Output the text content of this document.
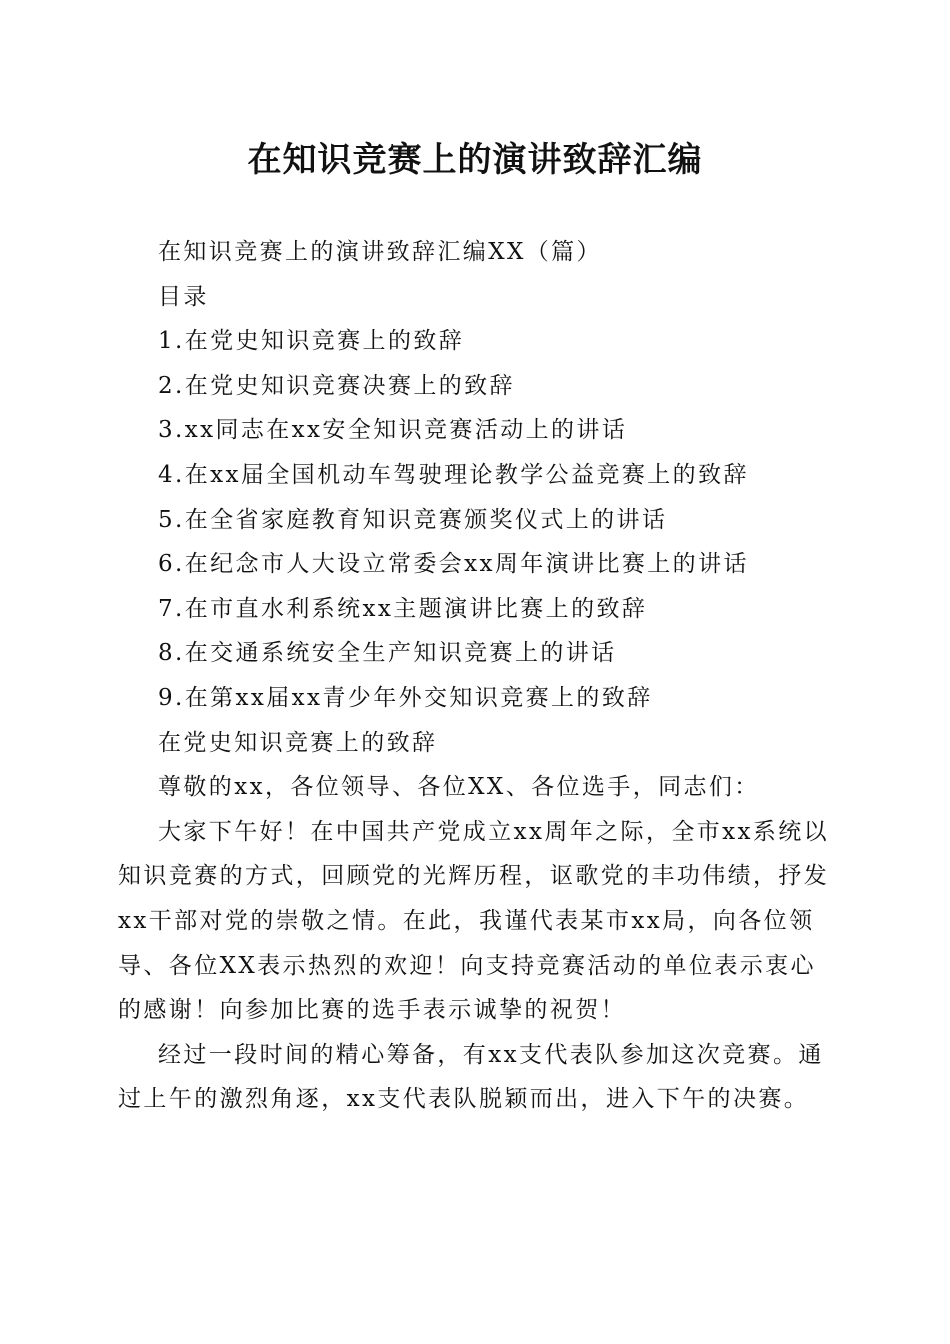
在知识竞赛上的演讲致辞汇编

在知识竞赛上的演讲致辞汇编XX（篇）

目录

1.在党史知识竞赛上的致辞

2.在党史知识竞赛决赛上的致辞

3.xx同志在xx安全知识竞赛活动上的讲话

4.在xx届全国机动车驾驶理论教学公益竞赛上的致辞

5.在全省家庭教育知识竞赛颁奖仪式上的讲话

6.在纪念市人大设立常委会xx周年演讲比赛上的讲话

7.在市直水利系统xx主题演讲比赛上的致辞

8.在交通系统安全生产知识竞赛上的讲话

9.在第xx届xx青少年外交知识竞赛上的致辞

在党史知识竞赛上的致辞

尊敬的xx，各位领导、各位XX、各位选手，同志们：

大家下午好！在中国共产党成立xx周年之际，全市xx系统以知识竞赛的方式，回顾党的光辉历程，讴歌党的丰功伟绩，抒发xx干部对党的崇敬之情。在此，我谨代表某市xx局，向各位领导、各位XX表示热烈的欢迎！向支持竞赛活动的单位表示衷心的感谢！向参加比赛的选手表示诚挚的祝贺！

经过一段时间的精心筹备，有xx支代表队参加这次竞赛。通过上午的激烈角逐，xx支代表队脱颖而出，进入下午的决赛。
